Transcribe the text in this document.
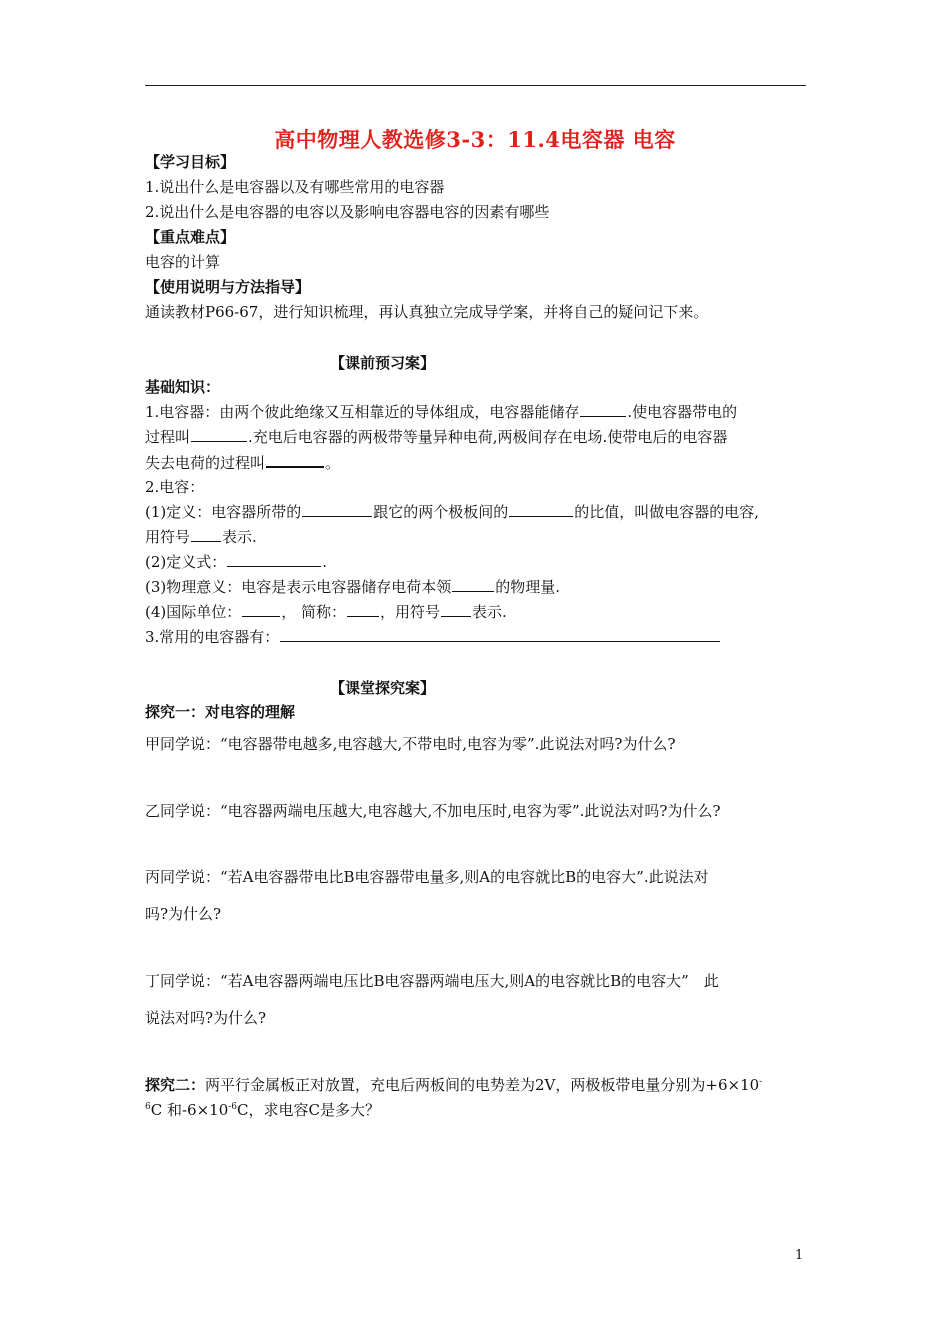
高中物理人教选修3-3：11.4电容器 电容
【学习目标】
1.说出什么是电容器以及有哪些常用的电容器
2.说出什么是电容器的电容以及影响电容器电容的因素有哪些
【重点难点】
电容的计算
【使用说明与方法指导】
通读教材P66-67，进行知识梳理，再认真独立完成导学案，并将自己的疑问记下来。
【课前预习案】
基础知识：
1.电容器：由两个彼此绝缘又互相靠近的导体组成，电容器能储存	.使电容器带电的
过程叫	.充电后电容器的两极带等量异种电荷,两极间存在电场.使带电后的电容器
失去电荷的过程叫	。
2.电容：
(1)定义：电容器所带的	跟它的两个极板间的	的比值，叫做电容器的电容,
用符号 表示.
(2)定义式：	.
(3)物理意义：电容是表示电容器储存电荷本领	的物理量.
(4)国际单位：	， 简称： ，用符号 表示.
3.常用的电容器有：
【课堂探究案】
探究一：对电容的理解
甲同学说：“电容器带电越多,电容越大,不带电时,电容为零”.此说法对吗?为什么?
乙同学说：“电容器两端电压越大,电容越大,不加电压时,电容为零”.此说法对吗?为什么?
丙同学说：“若A电容器带电比B电容器带电量多,则A的电容就比B的电容大”.此说法对
吗?为什么?
丁同学说：“若A电容器两端电压比B电容器两端电压大,则A的电容就比B的电容大”　此
说法对吗?为什么?
探究二：两平行金属板正对放置，充电后两板间的电势差为2V，两极板带电量分别为+6×10-
$^6$C 和$-6\times 10^{-6}C$，求电容C是多大？
1
